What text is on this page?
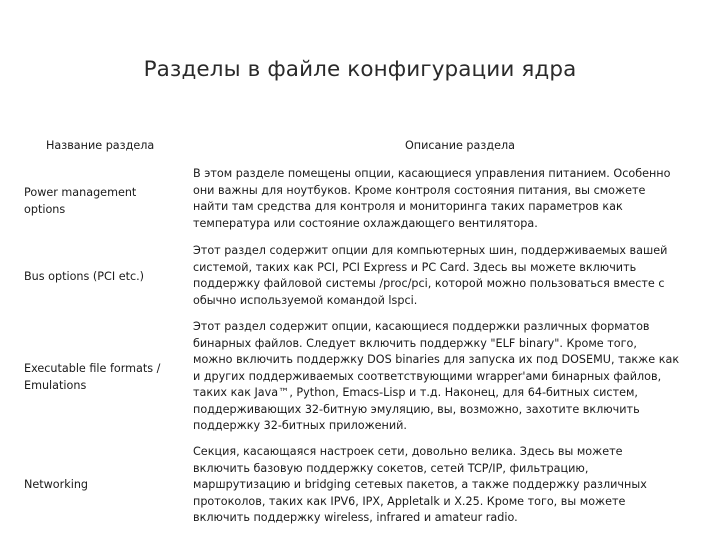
Разделы в файле конфигурации ядра
Название раздела	Описание раздела
Power management options
В этом разделе помещены опции, касающиеся управления питанием. Особенно
они важны для ноутбуков. Кроме контроля состояния питания, вы сможете
найти там средства для контроля и мониторинга таких параметров как
температура или состояние охлаждающего вентилятора.
Bus options (PCI etc.)
Этот раздел содержит опции для компьютерных шин, поддерживаемых вашей
системой, таких как PCI, PCI Express и PC Card. Здесь вы можете включить
поддержку файловой системы /proc/pci, которой можно пользоваться вместе с
обычно используемой командой lspci.
Executable file formats / Emulations
Этот раздел содержит опции, касающиеся поддержки различных форматов
бинарных файлов. Следует включить поддержку "ELF binary". Кроме того,
можно включить поддержку DOS binaries для запуска их под DOSEMU, также как
и других поддерживаемых соответствующими wrapper'ами бинарных файлов,
таких как Java™, Python, Emacs-Lisp и т.д. Наконец, для 64-битных систем,
поддерживающих 32-битную эмуляцию, вы, возможно, захотите включить
поддержку 32-битных приложений.
Networking
Секция, касающаяся настроек сети, довольно велика. Здесь вы можете
включить базовую поддержку сокетов, сетей TCP/IP, фильтрацию,
маршрутизацию и bridging сетевых пакетов, а также поддержку различных
протоколов, таких как IPV6, IPX, Appletalk и X.25. Кроме того, вы можете
включить поддержку wireless, infrared и amateur radio.
